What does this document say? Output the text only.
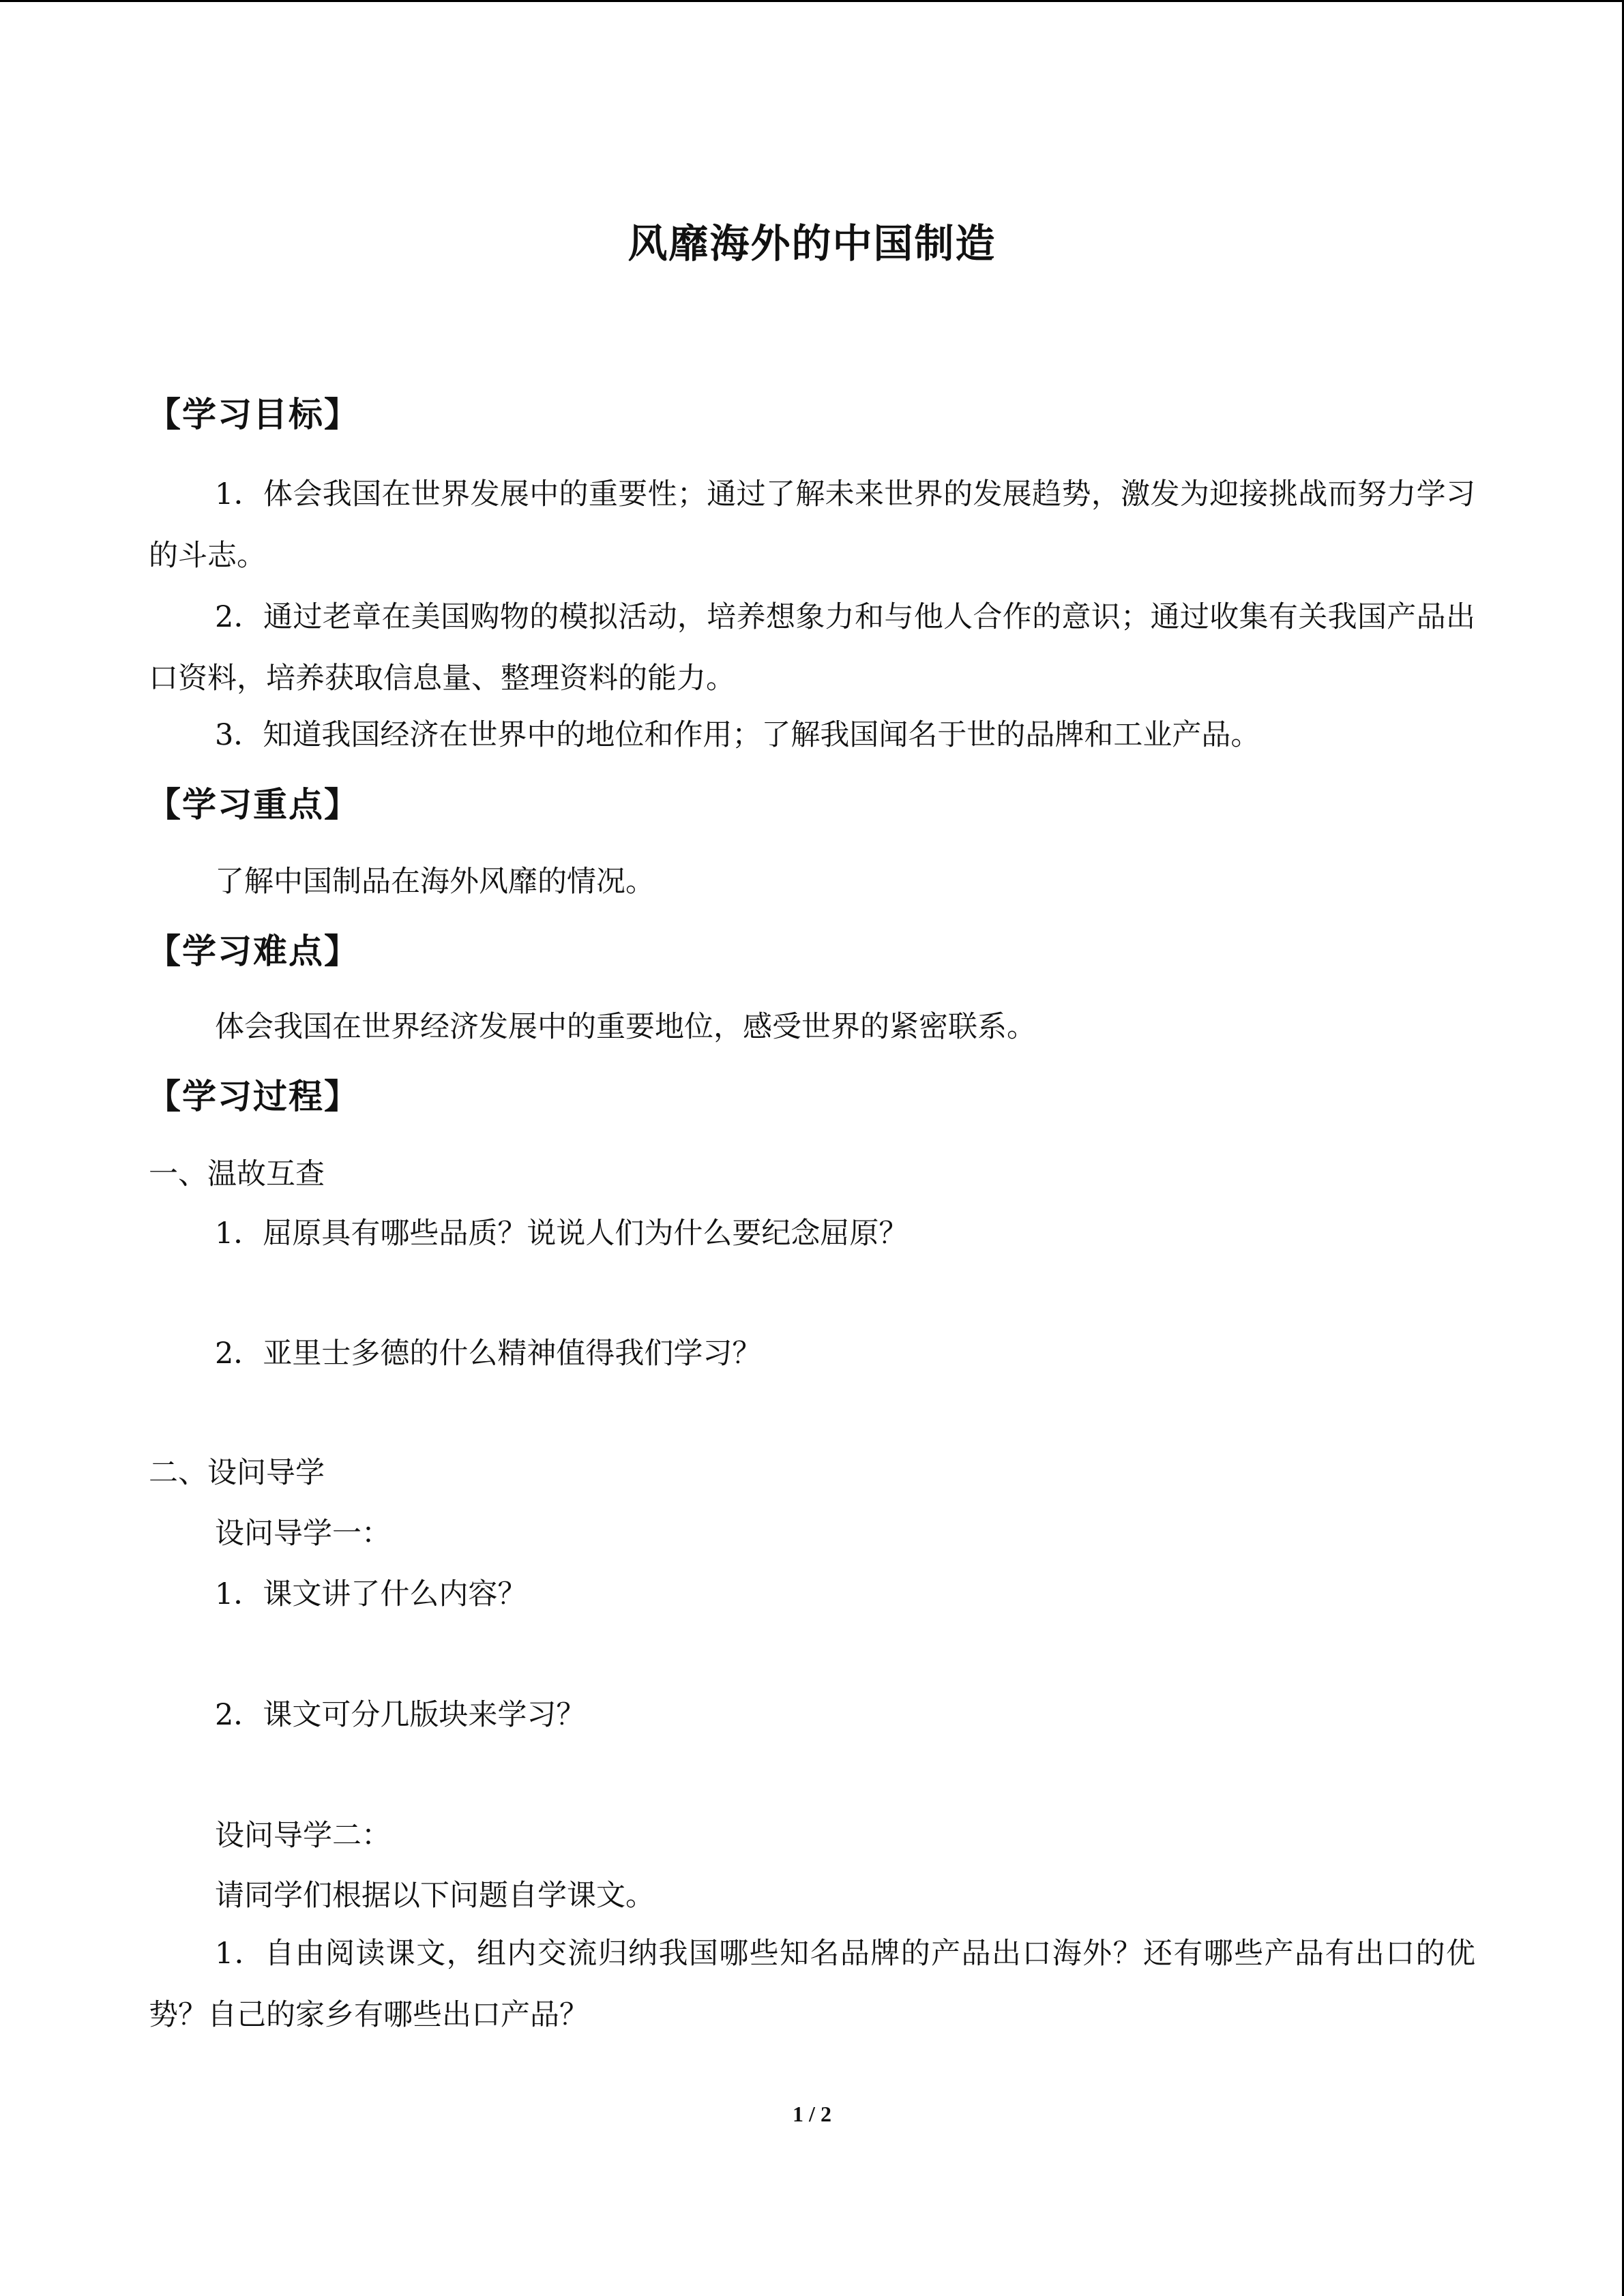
风靡海外的中国制造
【学习目标】
1．体会我国在世界发展中的重要性；通过了解未来世界的发展趋势，激发为迎接挑战而努力学习的斗志。
2．通过老章在美国购物的模拟活动，培养想象力和与他人合作的意识；通过收集有关我国产品出口资料，培养获取信息量、整理资料的能力。
3．知道我国经济在世界中的地位和作用；了解我国闻名于世的品牌和工业产品。
【学习重点】
了解中国制品在海外风靡的情况。
【学习难点】
体会我国在世界经济发展中的重要地位，感受世界的紧密联系。
【学习过程】
一、温故互查
1．屈原具有哪些品质？说说人们为什么要纪念屈原？
2．亚里士多德的什么精神值得我们学习？
二、设问导学
设问导学一：
1．课文讲了什么内容？
2．课文可分几版块来学习？
设问导学二：
请同学们根据以下问题自学课文。
1．自由阅读课文，组内交流归纳我国哪些知名品牌的产品出口海外？还有哪些产品有出口的优势？自己的家乡有哪些出口产品？
1 / 2
